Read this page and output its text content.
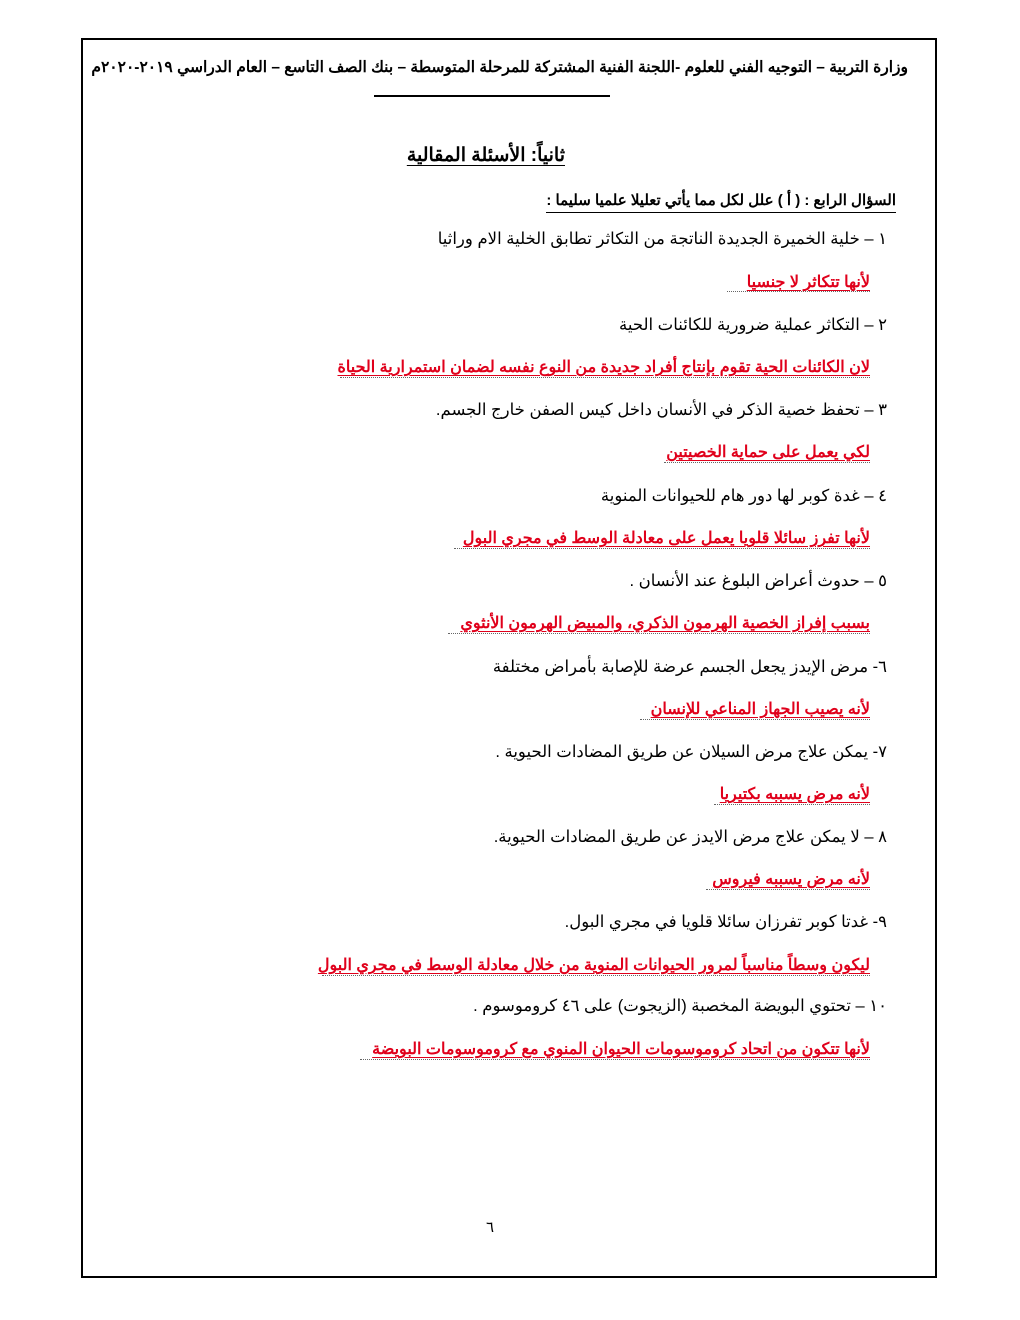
وزارة التربية – التوجيه الفني للعلوم -اللجنة الفنية المشتركة للمرحلة المتوسطة – بنك الصف التاسع – العام الدراسي ٢٠١٩-٢٠٢٠م
ثانياً: الأسئلة المقالية
السؤال الرابع : ( أ ) علل لكل مما يأتي تعليلا علميا سليما :
١ – خلية الخميرة الجديدة الناتجة من التكاثر تطابق الخلية الام وراثيا
لأنها تتكاثر لا جنسيا
٢ – التكاثر عملية ضرورية للكائنات الحية
لان الكائنات الحية تقوم بإنتاج أفراد جديدة من النوع نفسه لضمان استمرارية الحياة
٣ – تحفظ خصية الذكر في الأنسان داخل كيس الصفن خارج الجسم.
لكي يعمل على حماية الخصيتين
٤ – غدة كوبر لها دور هام للحيوانات المنوية
لأنها تفرز سائلا قلويا يعمل على معادلة الوسط في مجري البول
٥ – حدوث أعراض البلوغ عند الأنسان .
بسبب إفراز الخصية الهرمون الذكري، والمبيض الهرمون الأنثوي
٦- مرض الإيدز يجعل الجسم عرضة للإصابة بأمراض مختلفة
لأنه يصيب الجهاز المناعي للإنسان
٧- يمكن علاج مرض السيلان عن طريق المضادات الحيوية .
لأنه مرض يسببه بكتيريا
٨ – لا يمكن علاج مرض الايدز عن طريق المضادات الحيوية.
لأنه مرض يسببه فيروس
٩- غدتا كوبر تفرزان سائلا قلويا في مجري البول.
ليكون وسطاً مناسباً لمرور الحيوانات المنوية من خلال معادلة الوسط في مجري البول
١٠ – تحتوي البويضة المخصبة (الزيجوت) على ٤٦ كروموسوم .
لأنها تتكون من اتحاد كروموسومات الحيوان المنوي مع كروموسومات البويضة
٦
